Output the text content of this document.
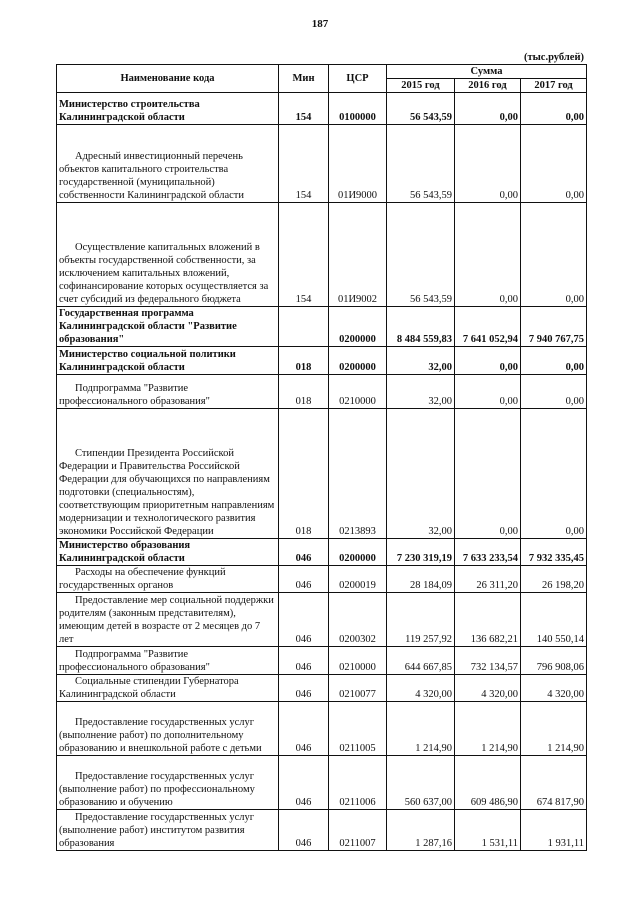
187
(тыс.рублей)
Наименование кода	Мин	ЦСР	Сумма		
			2015 год	2016 год	2017 год
Министерство строительства Калининградской области	154	0100000	56 543,59	0,00	0,00
Адресный инвестиционный перечень объектов капитального строительства государственной (муниципальной) собственности Калининградской области	154	01И9000	56 543,59	0,00	0,00
Осуществление капитальных вложений в объекты государственной собственности, за исключением капитальных вложений, софинансирование которых осуществляется за счет субсидий из федерального бюджета	154	01И9002	56 543,59	0,00	0,00
Государственная программа Калининградской области "Развитие образования"		0200000	8 484 559,83	7 641 052,94	7 940 767,75
Министерство социальной политики Калининградской области	018	0200000	32,00	0,00	0,00
Подпрограмма "Развитие профессионального образования"	018	0210000	32,00	0,00	0,00
Стипендии Президента Российской Федерации и Правительства Российской Федерации для обучающихся по направлениям подготовки (специальностям), соответствующим приоритетным направлениям модернизации и технологического развития экономики Российской Федерации	018	0213893	32,00	0,00	0,00
Министерство образования Калининградской области	046	0200000	7 230 319,19	7 633 233,54	7 932 335,45
Расходы на обеспечение функций государственных органов	046	0200019	28 184,09	26 311,20	26 198,20
Предоставление мер социальной поддержки родителям (законным представителям), имеющим детей в возрасте от 2 месяцев до 7 лет	046	0200302	119 257,92	136 682,21	140 550,14
Подпрограмма "Развитие профессионального образования"	046	0210000	644 667,85	732 134,57	796 908,06
Социальные стипендии Губернатора Калининградской области	046	0210077	4 320,00	4 320,00	4 320,00
Предоставление государственных услуг (выполнение работ) по дополнительному образованию и внешкольной работе с детьми	046	0211005	1 214,90	1 214,90	1 214,90
Предоставление государственных услуг (выполнение работ) по профессиональному образованию и обучению	046	0211006	560 637,00	609 486,90	674 817,90
Предоставление государственных услуг (выполнение работ) институтом развития образования	046	0211007	1 287,16	1 531,11	1 931,11
